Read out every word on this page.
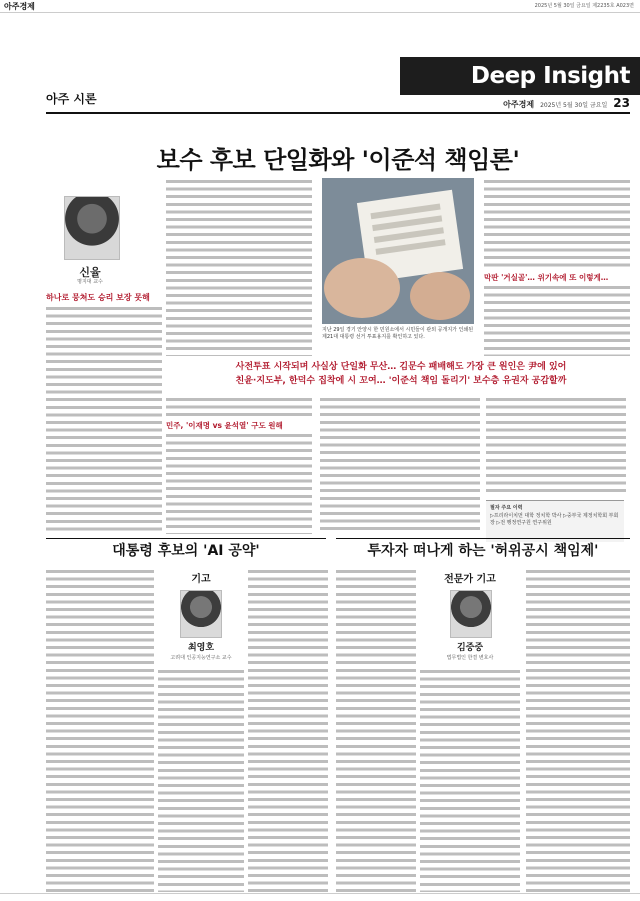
아주경제	2025년 5월 30일 금요일 제2235호 A023면
Deep Insight
아주 시론	아주경제 2025년 5월 30일 금요일 23
보수 후보 단일화와 '이준석 책임론'
신율
명지대 교수
하나로 뭉쳐도 승리 보장 못해
막판 '거실골'… 위기속에 또 이렇게…
지난 29일 경기 안양시 한 민원소에서 시민들이 관외 공개지가 인쇄된 제21대 대통령 선거 투표용지를 확인하고 있다.
사전투표 시작되며 사실상 단일화 무산… 김문수 패배해도 가장 큰 원인은 尹에 있어
친윤·지도부, 한덕수 집착에 시 꼬여… '이준석 책임 돌리기' 보수층 유권자 공감할까
민주, '이재명 vs 윤석열' 구도 원해
필자 주요 이력
▷프리라이치먼 대학 정치학 박사 ▷중부국 제정치학회 부회장 ▷전 행정연구원 연구위원
대통령 후보의 'AI 공약'	투자자 떠나게 하는 '허위공시 책임제'
기고
최영호
고려대 인공지능연구소 교수
전문가 기고
김중중
법무법인 한결 변호사
